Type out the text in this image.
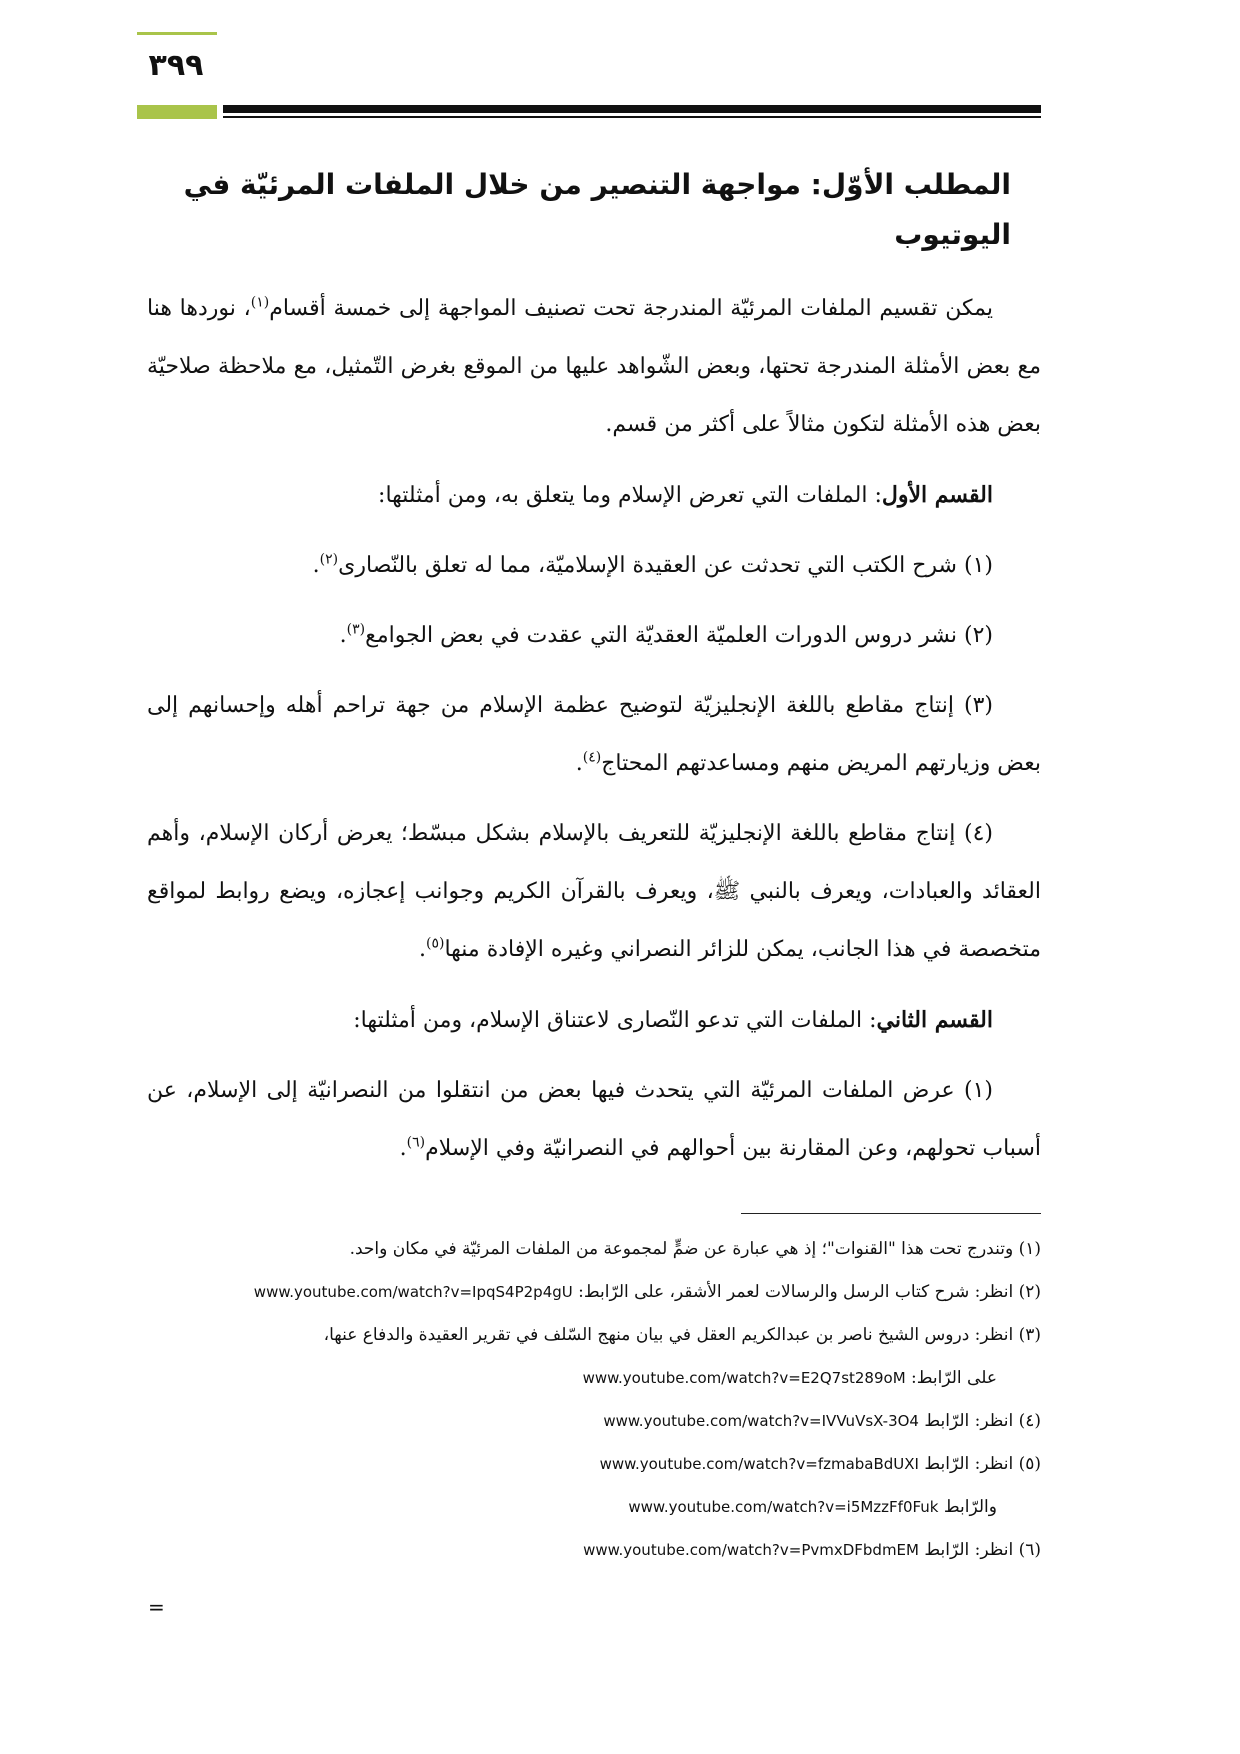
٣٩٩
المطلب الأوّل: مواجهة التنصير من خلال الملفات المرئيّة في اليوتيوب

يمكن تقسيم الملفات المرئيّة المندرجة تحت تصنيف المواجهة إلى خمسة أقسام$^{(١)}$، نوردها هنا مع بعض الأمثلة المندرجة تحتها، وبعض الشّواهد عليها من الموقع بغرض التّمثيل، مع ملاحظة صلاحيّة بعض هذه الأمثلة لتكون مثالاً على أكثر من قسم.

القسم الأول: الملفات التي تعرض الإسلام وما يتعلق به، ومن أمثلتها:

(١) شرح الكتب التي تحدثت عن العقيدة الإسلاميّة، مما له تعلق بالنّصارى$^{(٢)}$.

(٢) نشر دروس الدورات العلميّة العقديّة التي عقدت في بعض الجوامع$^{(٣)}$.

(٣) إنتاج مقاطع باللغة الإنجليزيّة لتوضيح عظمة الإسلام من جهة تراحم أهله وإحسانهم إلى بعض وزيارتهم المريض منهم ومساعدتهم المحتاج$^{(٤)}$.

(٤) إنتاج مقاطع باللغة الإنجليزيّة للتعريف بالإسلام بشكل مبسّط؛ يعرض أركان الإسلام، وأهم العقائد والعبادات، ويعرف بالنبي ﷺ، ويعرف بالقرآن الكريم وجوانب إعجازه، ويضع روابط لمواقع متخصصة في هذا الجانب، يمكن للزائر النصراني وغيره الإفادة منها$^{(٥)}$.

القسم الثاني: الملفات التي تدعو النّصارى لاعتناق الإسلام، ومن أمثلتها:

(١) عرض الملفات المرئيّة التي يتحدث فيها بعض من انتقلوا من النصرانيّة إلى الإسلام، عن أسباب تحولهم، وعن المقارنة بين أحوالهم في النصرانيّة وفي الإسلام$^{(٦)}$.

(١) وتندرج تحت هذا "القنوات"؛ إذ هي عبارة عن ضمٍّ لمجموعة من الملفات المرئيّة في مكان واحد.
(٢) انظر: شرح كتاب الرسل والرسالات لعمر الأشقر، على الرّابط: www.youtube.com/watch?v=IpqS4P2p4gU
(٣) انظر: دروس الشيخ ناصر بن عبدالكريم العقل في بيان منهج السّلف في تقرير العقيدة والدفاع عنها،
على الرّابط: www.youtube.com/watch?v=E2Q7st289oM
(٤) انظر: الرّابط www.youtube.com/watch?v=IVVuVsX-3O4
(٥) انظر: الرّابط www.youtube.com/watch?v=fzmabaBdUXI
والرّابط www.youtube.com/watch?v=i5MzzFf0Fuk
(٦) انظر: الرّابط www.youtube.com/watch?v=PvmxDFbdmEM
=
